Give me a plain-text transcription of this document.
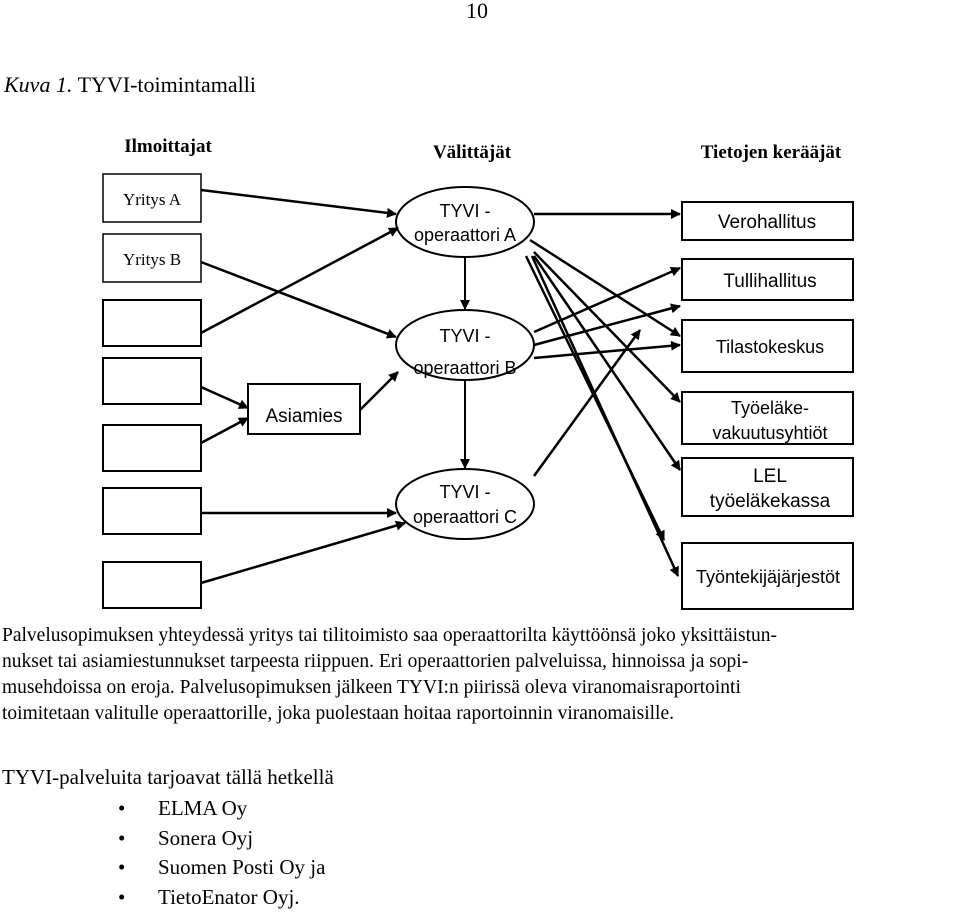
10
Kuva 1. TYVI-toimintamalli
Ilmoittajat	Välittäjät	Tietojen kerääjät
Yritys A
Yritys B
Asiamies
TYVI -
operaattori A
TYVI -
operaattori B
TYVI -
operaattori C
Verohallitus
Tullihallitus
Tilastokeskus
Työeläke-
vakuutusyhtiöt
LEL
työeläkekassa
Työntekijäjärjestöt

Palvelusopimuksen yhteydessä yritys tai tilitoimisto saa operaattorilta käyttöönsä joko yksittäistun-
nukset tai asiamiestunnukset tarpeesta riippuen. Eri operaattorien palveluissa, hinnoissa ja sopi-
musehdoissa on eroja. Palvelusopimuksen jälkeen TYVI:n piirissä oleva viranomaisraportointi
toimitetaan valitulle operaattorille, joka puolestaan hoitaa raportoinnin viranomaisille.

TYVI-palveluita tarjoavat tällä hetkellä
• ELMA Oy
• Sonera Oyj
• Suomen Posti Oy ja
• TietoEnator Oyj.
